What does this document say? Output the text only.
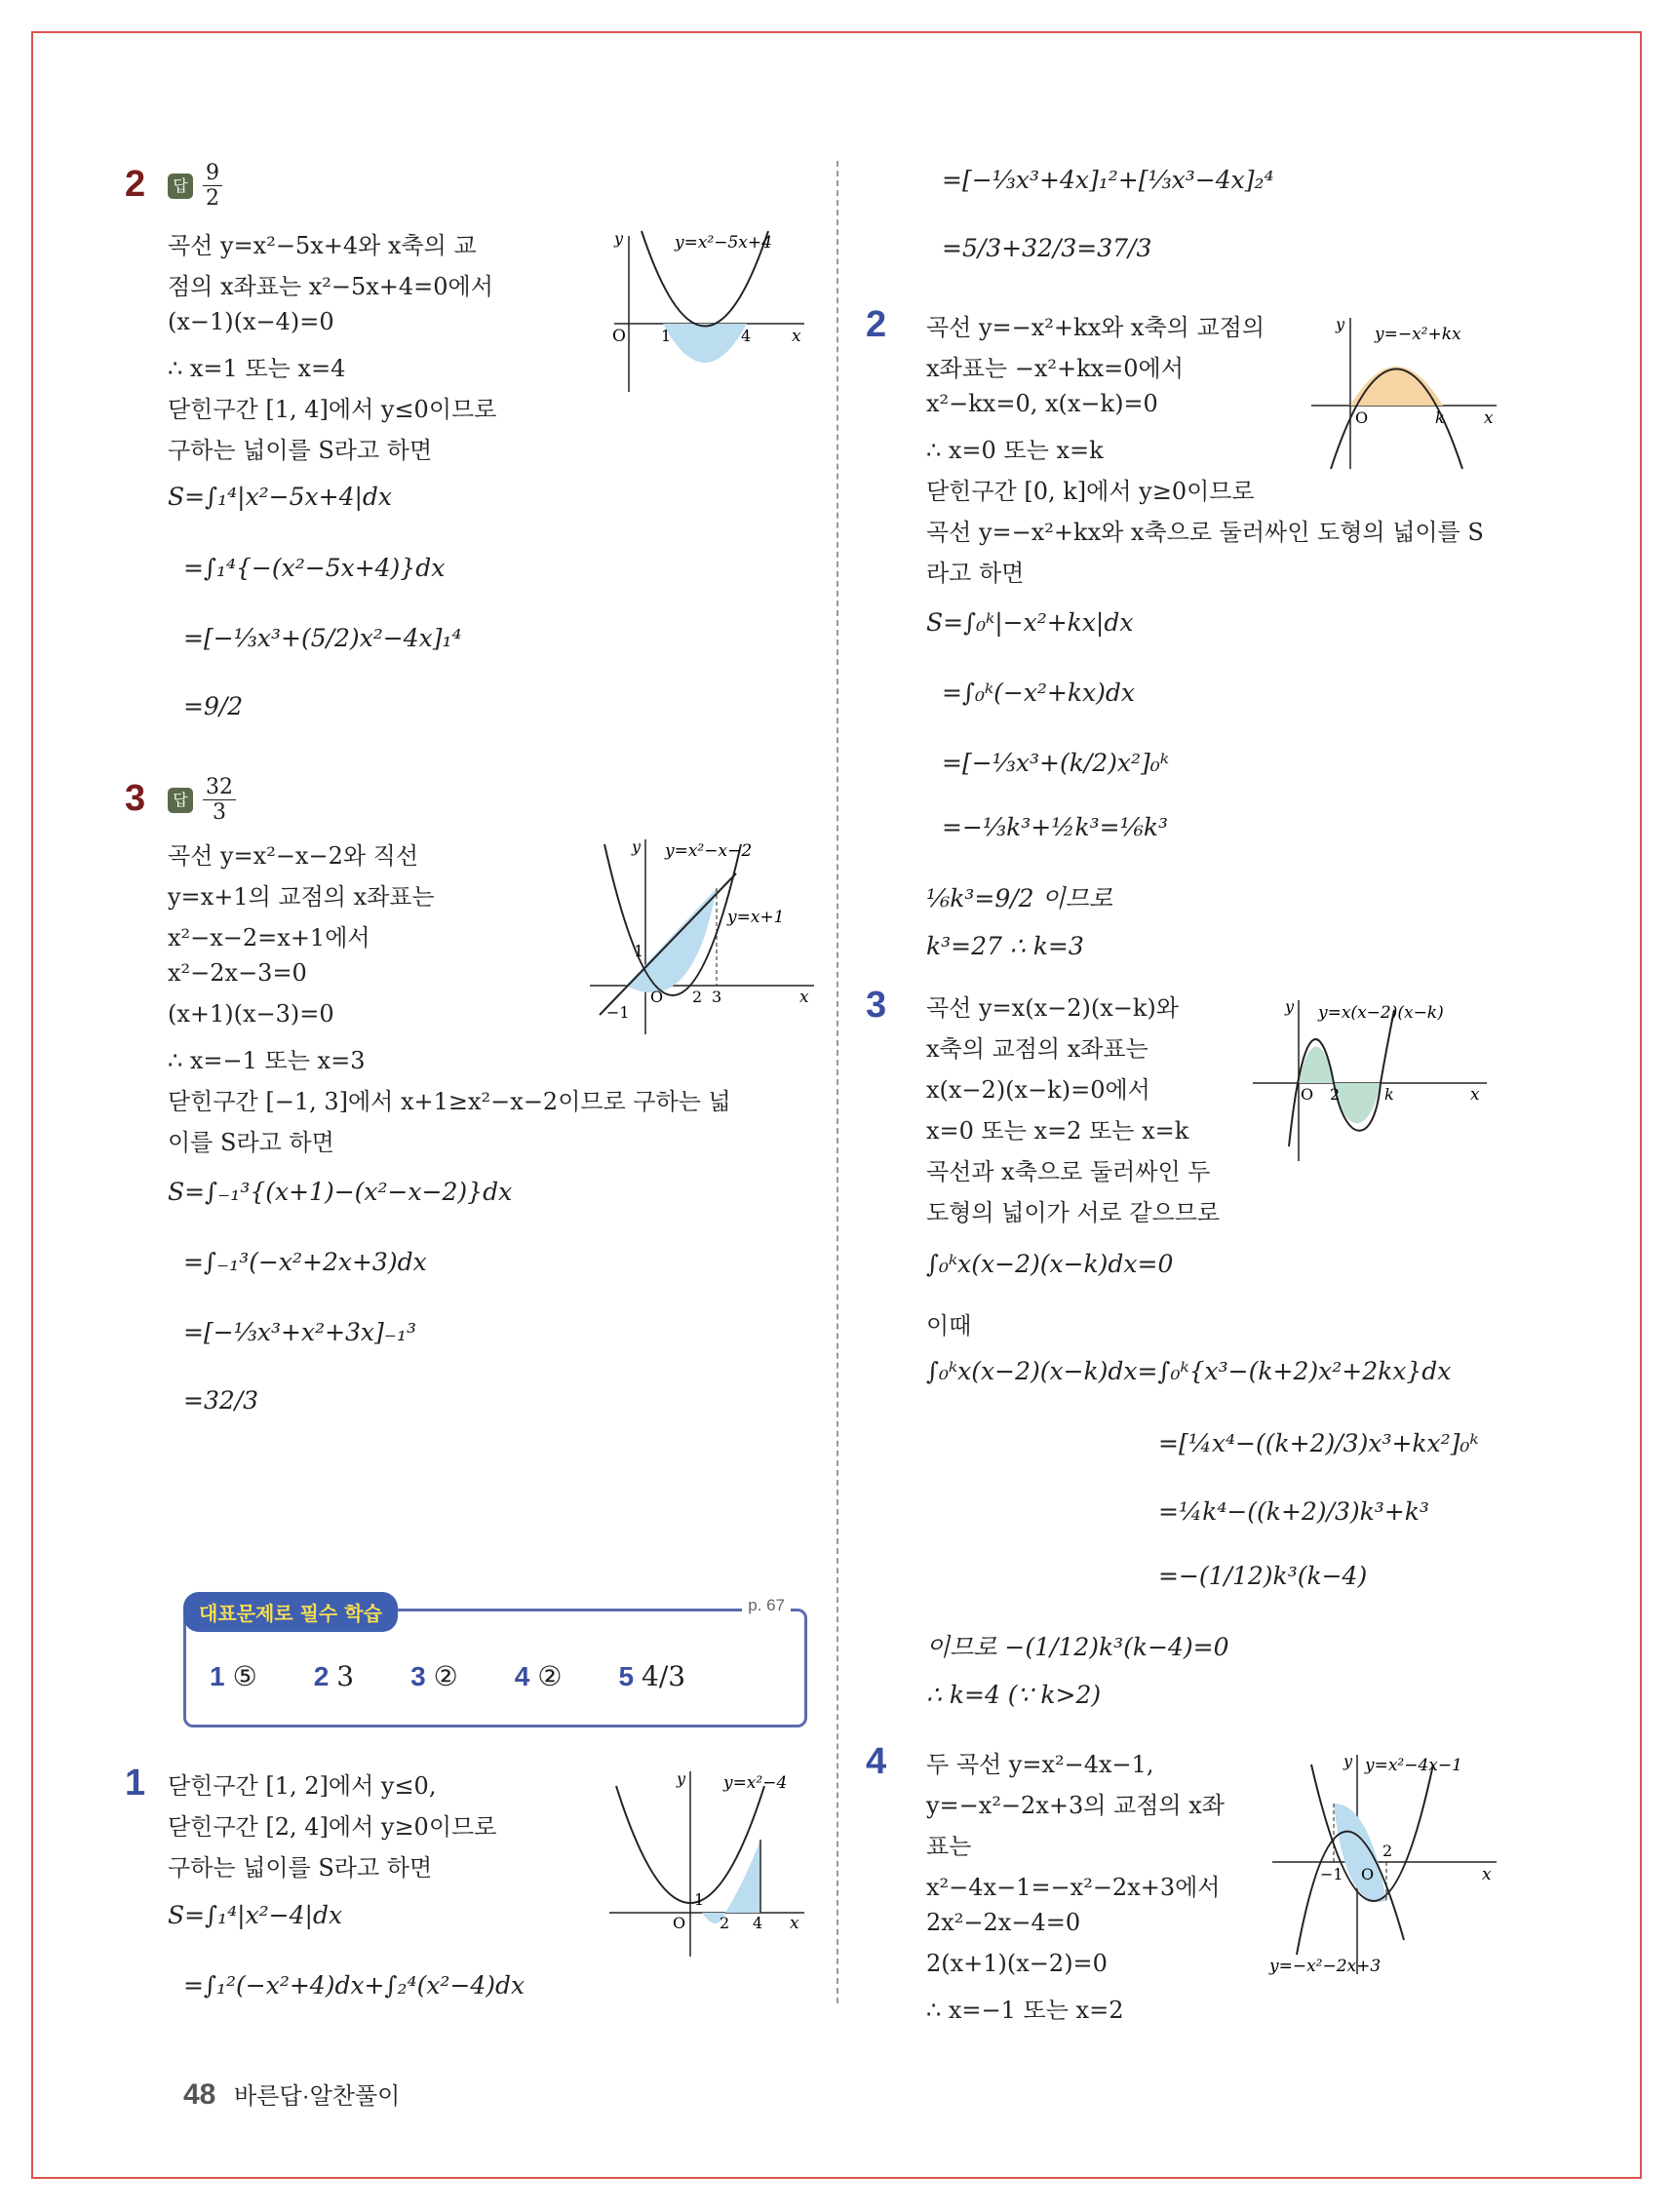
2	답 $\frac{9}{2}$
곡선 y=x²−5x+4와 x축의 교
점의 x좌표는 x²−5x+4=0에서
(x−1)(x−4)=0
∴ x=1 또는 x=4
닫힌구간 [1, 4]에서 y≤0이므로
구하는 넓이를 S라고 하면
S=∫₁⁴|x²−5x+4|dx
=∫₁⁴{−(x²−5x+4)}dx
=[−⅓x³+(5/2)x²−4x]₁⁴
=9/2
y=x²−5x+4
O 1	4 x
y
3	답 $\frac{32}{3}$
곡선 y=x²−x−2와 직선
y=x+1의 교점의 x좌표는
x²−x−2=x+1에서
x²−2x−3=0
(x+1)(x−3)=0
∴ x=−1 또는 x=3
닫힌구간 [−1, 3]에서 x+1≥x²−x−2이므로 구하는 넓
이를 S라고 하면
S=∫₋₁³{(x+1)−(x²−x−2)}dx
=∫₋₁³(−x²+2x+3)dx
=[−⅓x³+x²+3x]₋₁³
=32/3
y=x²−x−2
y=x+1
O
1
−1
2 3	x
y
대표문제로 필수 학습	p. 67
1 ⑤ 2 3 3 ② 4 ② 5 4/3
1 닫힌구간 [1, 2]에서 y≤0,
닫힌구간 [2, 4]에서 y≥0이므로
구하는 넓이를 S라고 하면
S=∫₁⁴|x²−4|dx
=∫₁²(−x²+4)dx+∫₂⁴(x²−4)dx
y=x²−4
O
1
2 4 x
y
=[−⅓x³+4x]₁²+[⅓x³−4x]₂⁴
=5/3+32/3=37/3
2 곡선 y=−x²+kx와 x축의 교점의
x좌표는 −x²+kx=0에서
x²−kx=0, x(x−k)=0
∴ x=0 또는 x=k
닫힌구간 [0, k]에서 y≥0이므로
곡선 y=−x²+kx와 x축으로 둘러싸인 도형의 넓이를 S
라고 하면
S=∫₀ᵏ|−x²+kx|dx
=∫₀ᵏ(−x²+kx)dx
=[−⅓x³+(k/2)x²]₀ᵏ
=−⅓k³+½k³=⅙k³
⅙k³=9/2 이므로
k³=27 ∴ k=3
y=−x²+kx
O	k x
y
3 곡선 y=x(x−2)(x−k)와
x축의 교점의 x좌표는
x(x−2)(x−k)=0에서
x=0 또는 x=2 또는 x=k
곡선과 x축으로 둘러싸인 두
도형의 넓이가 서로 같으므로
∫₀ᵏx(x−2)(x−k)dx=0
이때
∫₀ᵏx(x−2)(x−k)dx=∫₀ᵏ{x³−(k+2)x²+2kx}dx
=[¼x⁴−((k+2)/3)x³+kx²]₀ᵏ
=¼k⁴−((k+2)/3)k³+k³
=−(1/12)k³(k−4)
이므로 −(1/12)k³(k−4)=0
∴ k=4 (∵ k>2)
y=x(x−2)(x−k)
O 2	k	x
y
4 두 곡선 y=x²−4x−1,
y=−x²−2x+3의 교점의 x좌
표는
x²−4x−1=−x²−2x+3에서
2x²−2x−4=0
2(x+1)(x−2)=0
∴ x=−1 또는 x=2
y=x²−4x−1
y=−x²−2x+3
O
2
−1	x
y
48 바른답·알찬풀이
